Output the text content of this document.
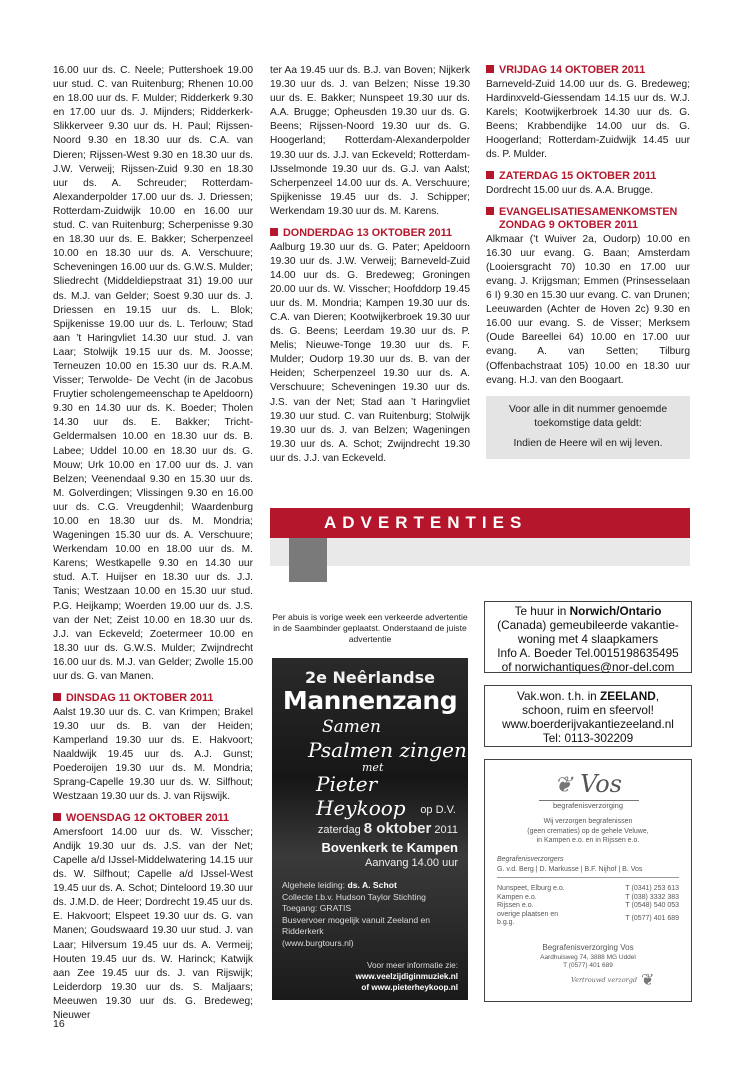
16.00 uur ds. C. Neele; Puttershoek 19.00 uur stud. C. van Ruitenburg; Rhenen 10.00 en 18.00 uur ds. F. Mulder; Ridderkerk 9.30 en 17.00 uur ds. J. Mijnders; Ridderkerk-Slikkerveer 9.30 uur ds. H. Paul; Rijssen-Noord 9.30 en 18.30 uur ds. C.A. van Dieren; Rijssen-West 9.30 en 18.30 uur ds. J.W. Verweij; Rijssen-Zuid 9.30 en 18.30 uur ds. A. Schreuder; Rotterdam-Alexanderpolder 17.00 uur ds. J. Driessen; Rotterdam-Zuidwijk 10.00 en 16.00 uur stud. C. van Ruitenburg; Scherpenisse 9.30 en 18.30 uur ds. E. Bakker; Scherpenzeel 10.00 en 18.30 uur ds. A. Verschuure; Scheveningen 16.00 uur ds. G.W.S. Mulder; Sliedrecht (Middeldiepstraat 31) 19.00 uur ds. M.J. van Gelder; Soest 9.30 uur ds. J. Driessen en 19.15 uur ds. L. Blok; Spijkenisse 19.00 uur ds. L. Terlouw; Stad aan ’t Haringvliet 14.30 uur stud. J. van Laar; Stolwijk 19.15 uur ds. M. Joosse; Terneuzen 10.00 en 15.30 uur ds. R.A.M. Visser; Terwolde- De Vecht (in de Jacobus Fruytier scholengemeenschap te Apeldoorn) 9.30 en 14.30 uur ds. K. Boeder; Tholen 14.30 uur ds. E. Bakker; Tricht-Geldermalsen 10.00 en 18.30 uur ds. B. Labee; Uddel 10.00 en 18.30 uur ds. G. Mouw; Urk 10.00 en 17.00 uur ds. J. van Belzen; Veenendaal 9.30 en 15.30 uur ds. M. Golverdingen; Vlissingen 9.30 en 16.00 uur ds. C.G. Vreugdenhil; Waardenburg 10.00 en 18.30 uur ds. M. Mondria; Wageningen 15.30 uur ds. A. Verschuure; Werkendam 10.00 en 18.00 uur ds. M. Karens; Westkapelle 9.30 en 14.30 uur stud. A.T. Huijser en 18.30 uur ds. J.J. Tanis; Westzaan 10.00 en 15.30 uur stud. P.G. Heijkamp; Woerden 19.00 uur ds. J.S. van der Net; Zeist 10.00 en 18.30 uur ds. J.J. van Eckeveld; Zoetermeer 10.00 en 18.30 uur ds. G.W.S. Mulder; Zwijndrecht 16.00 uur ds. M.J. van Gelder; Zwolle 15.00 uur ds. G. van Manen.

DINSDAG 11 OKTOBER 2011

Aalst 19.30 uur ds. C. van Krimpen; Brakel 19.30 uur ds. B. van der Heiden; Kamperland 19.30 uur ds. E. Hakvoort; Naaldwijk 19.45 uur ds. A.J. Gunst; Poederoijen 19.30 uur ds. M. Mondria; Sprang-Capelle 19.30 uur ds. W. Silfhout; Westzaan 19.30 uur ds. J. van Rijswijk.

WOENSDAG 12 OKTOBER 2011

Amersfoort 14.00 uur ds. W. Visscher; Andijk 19.30 uur ds. J.S. van der Net; Capelle a/d IJssel-Middelwatering 14.15 uur ds. W. Silfhout; Capelle a/d IJssel-West 19.45 uur ds. A. Schot; Dinteloord 19.30 uur ds. J.M.D. de Heer; Dordrecht 19.45 uur ds. E. Hakvoort; Elspeet 19.30 uur ds. G. van Manen; Goudswaard 19.30 uur stud. J. van Laar; Hilversum 19.45 uur ds. A. Vermeij; Houten 19.45 uur ds. W. Harinck; Katwijk aan Zee 19.45 uur ds. J. van Rijswijk; Leiderdorp 19.30 uur ds. S. Maljaars; Meeuwen 19.30 uur ds. G. Bredeweg; Nieuwer

ter Aa 19.45 uur ds. B.J. van Boven; Nijkerk 19.30 uur ds. J. van Belzen; Nisse 19.30 uur ds. E. Bakker; Nunspeet 19.30 uur ds. A.A. Brugge; Opheusden 19.30 uur ds. G. Beens; Rijssen-Noord 19.30 uur ds. G. Hoogerland; Rotterdam-Alexanderpolder 19.30 uur ds. J.J. van Eckeveld; Rotterdam-IJsselmonde 19.30 uur ds. G.J. van Aalst; Scherpenzeel 14.00 uur ds. A. Verschuure; Spijkenisse 19.45 uur ds. J. Schipper; Werkendam 19.30 uur ds. M. Karens.

DONDERDAG 13 OKTOBER 2011

Aalburg 19.30 uur ds. G. Pater; Apeldoorn 19.30 uur ds. J.W. Verweij; Barneveld-Zuid 14.00 uur ds. G. Bredeweg; Groningen 20.00 uur ds. W. Visscher; Hoofddorp 19.45 uur ds. M. Mondria; Kampen 19.30 uur ds. C.A. van Dieren; Kootwijkerbroek 19.30 uur ds. G. Beens; Leerdam 19.30 uur ds. P. Melis; Nieuwe-Tonge 19.30 uur ds. F. Mulder; Oudorp 19.30 uur ds. B. van der Heiden; Scherpenzeel 19.30 uur ds. A. Verschuure; Scheveningen 19.30 uur ds. J.S. van der Net; Stad aan ’t Haringvliet 19.30 uur stud. C. van Ruitenburg; Stolwijk 19.30 uur ds. J. van Belzen; Wageningen 19.30 uur ds. A. Schot; Zwijndrecht 19.30 uur ds. J.J. van Eckeveld.

VRIJDAG 14 OKTOBER 2011

Barneveld-Zuid 14.00 uur ds. G. Bredeweg; Hardinxveld-Giessendam 14.15 uur ds. W.J. Karels; Kootwijkerbroek 14.30 uur ds. G. Beens; Krabbendijke 14.00 uur ds. G. Hoogerland; Rotterdam-Zuidwijk 14.45 uur ds. P. Mulder.

ZATERDAG 15 OKTOBER 2011

Dordrecht 15.00 uur ds. A.A. Brugge.

EVANGELISATIESAMENKOMSTEN
ZONDAG 9 OKTOBER 2011

Alkmaar (’t Wuiver 2a, Oudorp) 10.00 en 16.30 uur evang. G. Baan; Amsterdam (Looiersgracht 70) 10.30 en 17.00 uur evang. J. Krijgsman; Emmen (Prinsesselaan 6 I) 9.30 en 15.30 uur evang. C. van Drunen; Leeuwarden (Achter de Hoven 2c) 9.30 en 16.00 uur evang. S. de Visser; Merksem (Oude Bareellei 64) 10.00 en 17.00 uur evang. A. van Setten; Tilburg (Offenbachstraat 105) 10.00 en 18.30 uur evang. H.J. van den Boogaart.

Voor alle in dit nummer genoemde toekomstige data geldt:
Indien de Heere wil en wij leven.
ADVERTENTIES
Per abuis is vorige week een verkeerde advertentie in de Saambinder geplaatst. Onderstaand de juiste advertentie
2e Neêrlandse
Mannenzang
Samen
Psalmen zingen
met
Pieter Heykoop	op D.V.
zaterdag 8 oktober 2011
Bovenkerk te Kampen
Aanvang 14.00 uur
Algehele leiding: ds. A. Schot
Collecte t.b.v. Hudson Taylor Stichting
Toegang: GRATIS
Busvervoer mogelijk vanuit Zeeland en Ridderkerk
(www.burgtours.nl)
Voor meer informatie zie:
www.veelzijdiginmuziek.nl
of www.pieterheykoop.nl
Te huur in Norwich/Ontario
(Canada) gemeubileerde vakantie-
woning met 4 slaapkamers
Info A. Boeder Tel.0015198635495
of norwichantiques@nor-del.com
Vak.won. t.h. in ZEELAND,
schoon, ruim en sfeervol!
www.boerderijvakantiezeeland.nl
Tel: 0113-302209
❦ Vos
begrafenisverzorging
Wij verzorgen begrafenissen
(geen crematies) op de gehele Veluwe,
in Kampen e.o. en in Rijssen e.o.
Begrafenisverzorgers
G. v.d. Berg | D. Markusse | B.F. Nijhof | B. Vos
Nunspeet, Elburg e.o.	T (0341) 253 613
Kampen e.o.	T (038) 3332 383
Rijssen e.o.	T (0548) 540 053
overige plaatsen en b.g.g.	T (0577) 401 689
Begrafenisverzorging Vos
Aardhuisweg 74, 3888 MG Uddel
T (0577) 401 689
Vertrouwd verzorgd ❦
16
